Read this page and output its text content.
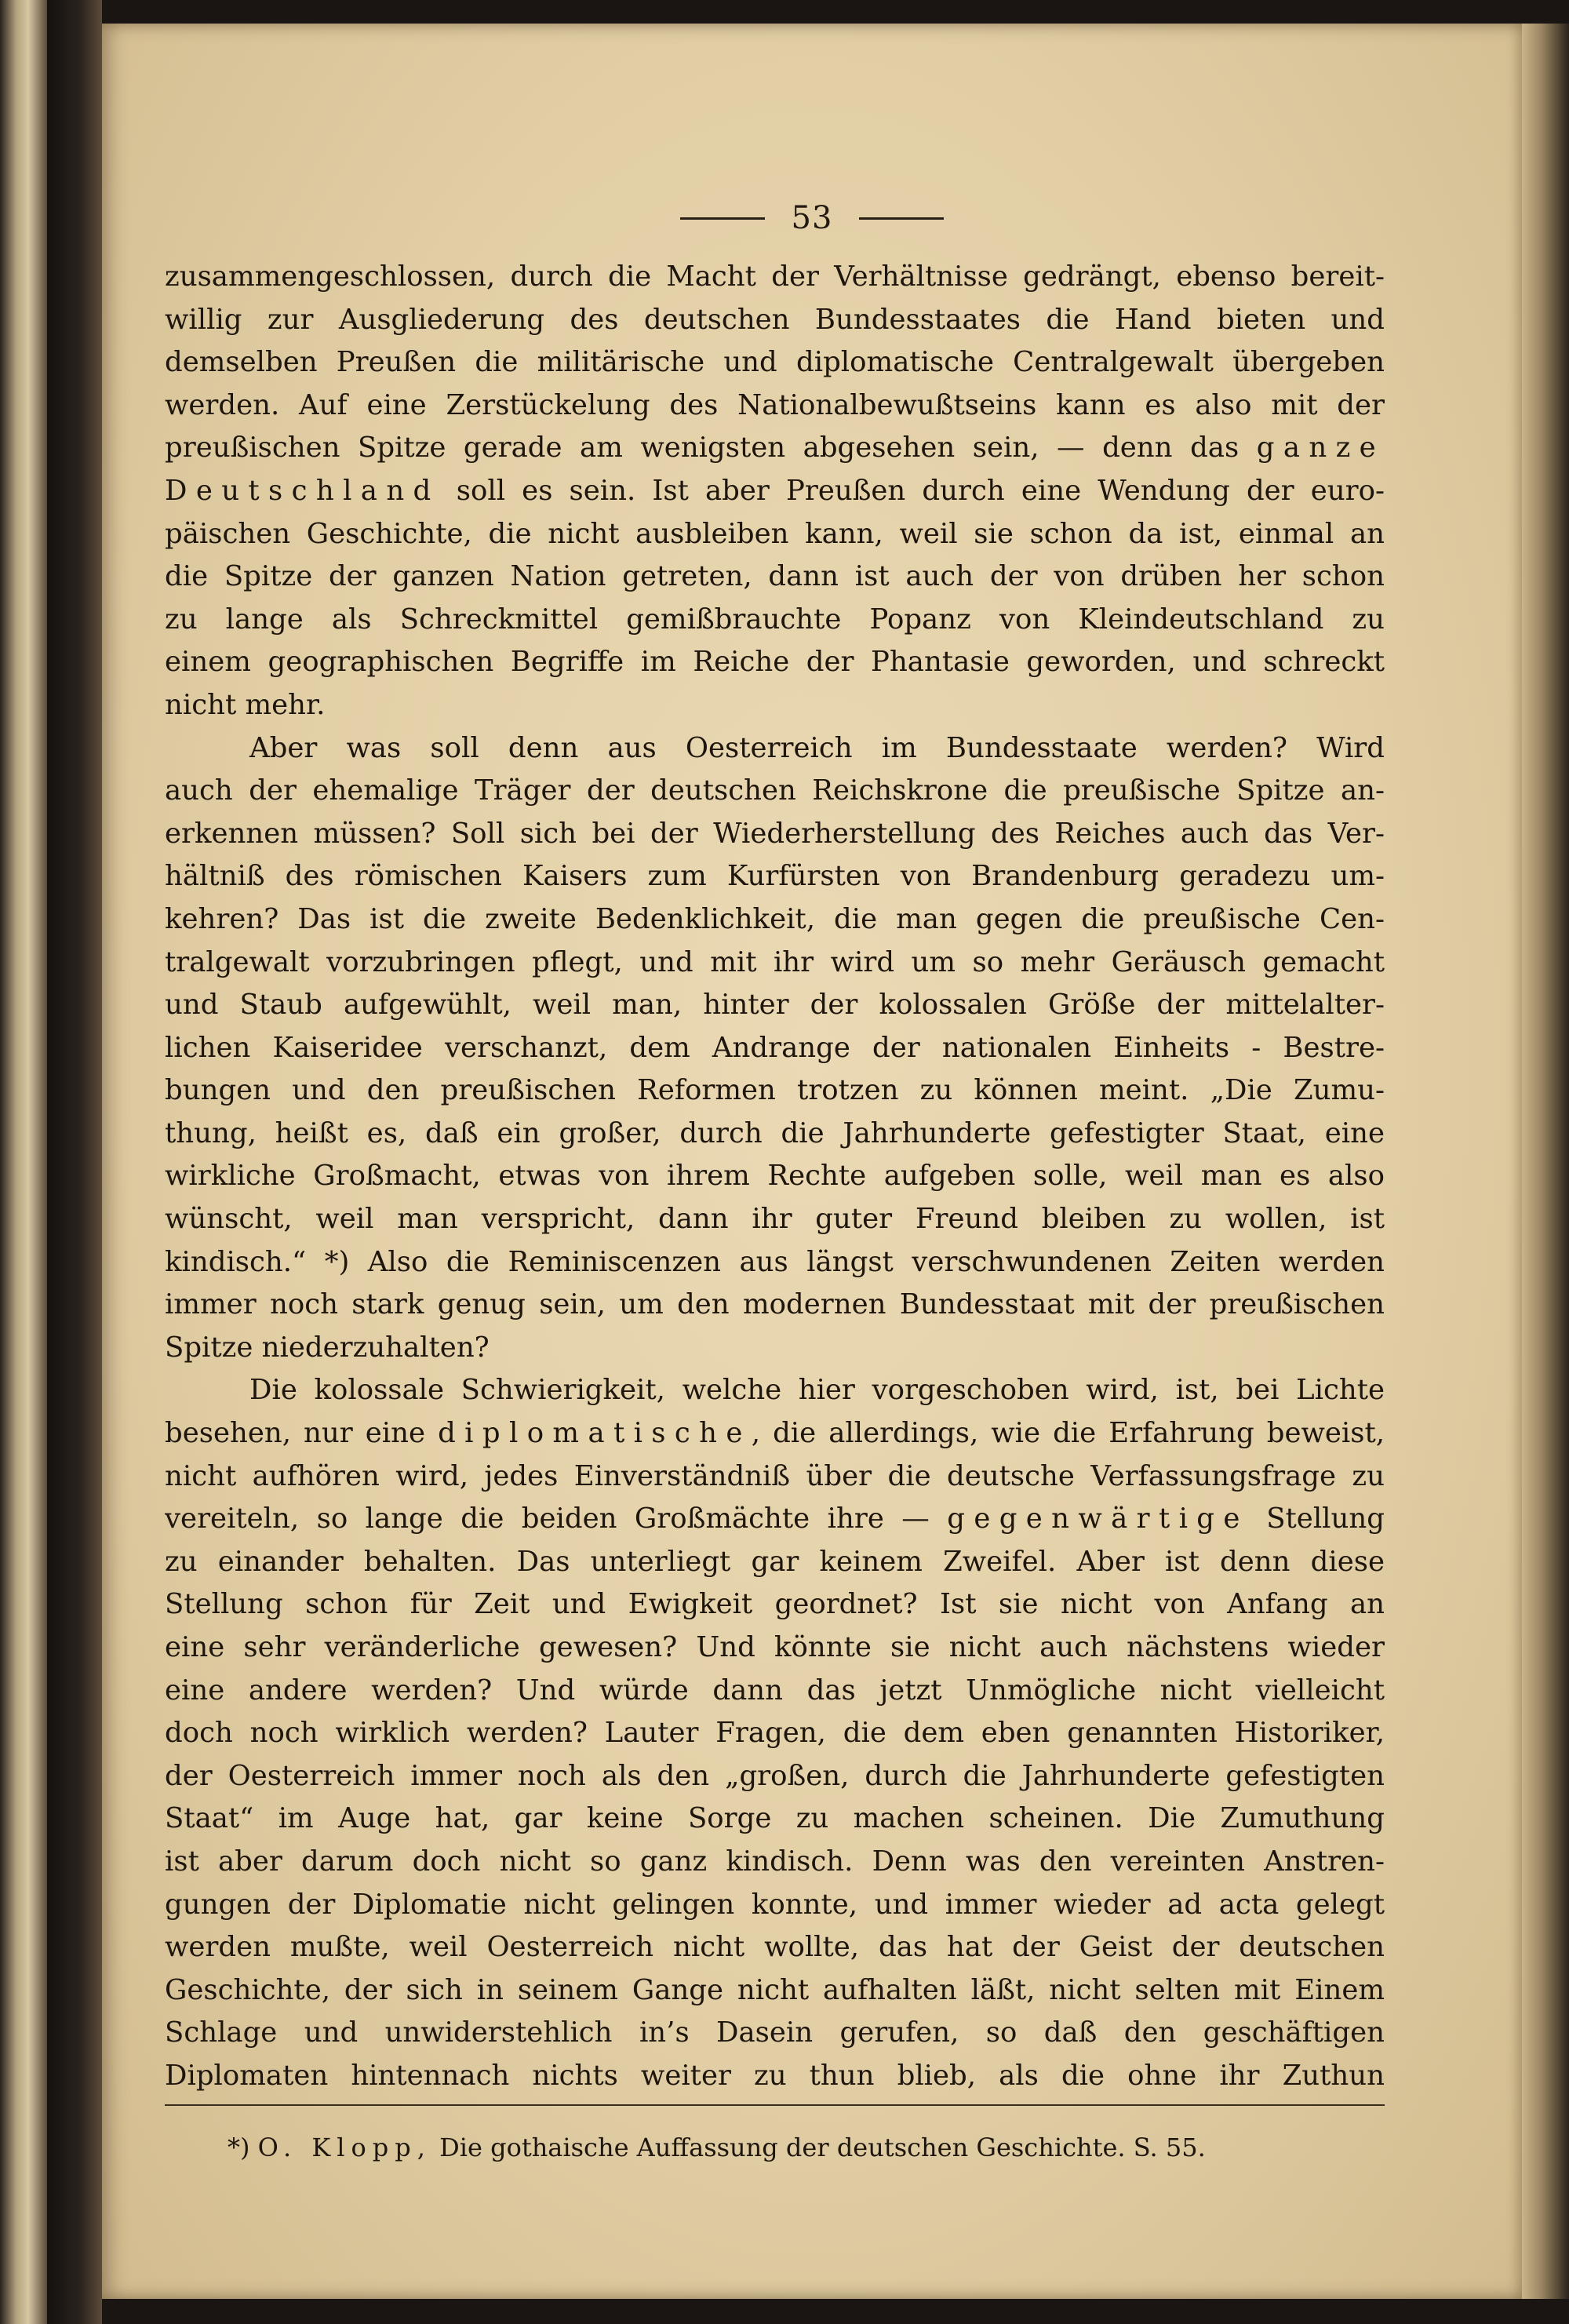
53
zusammengeschlossen, durch die Macht der Verhältnisse gedrängt, ebenso bereit-
willig zur Ausgliederung des deutschen Bundesstaates die Hand bieten und
demselben Preußen die militärische und diplomatische Centralgewalt übergeben
werden. Auf eine Zerstückelung des Nationalbewußtseins kann es also mit der
preußischen Spitze gerade am wenigsten abgesehen sein, — denn das ganze
Deutschland soll es sein. Ist aber Preußen durch eine Wendung der euro-
päischen Geschichte, die nicht ausbleiben kann, weil sie schon da ist, einmal an
die Spitze der ganzen Nation getreten, dann ist auch der von drüben her schon
zu lange als Schreckmittel gemißbrauchte Popanz von Kleindeutschland zu
einem geographischen Begriffe im Reiche der Phantasie geworden, und schreckt
nicht mehr.
Aber was soll denn aus Oesterreich im Bundesstaate werden? Wird
auch der ehemalige Träger der deutschen Reichskrone die preußische Spitze an-
erkennen müssen? Soll sich bei der Wiederherstellung des Reiches auch das Ver-
hältniß des römischen Kaisers zum Kurfürsten von Brandenburg geradezu um-
kehren? Das ist die zweite Bedenklichkeit, die man gegen die preußische Cen-
tralgewalt vorzubringen pflegt, und mit ihr wird um so mehr Geräusch gemacht
und Staub aufgewühlt, weil man, hinter der kolossalen Größe der mittelalter-
lichen Kaiseridee verschanzt, dem Andrange der nationalen Einheits - Bestre-
bungen und den preußischen Reformen trotzen zu können meint. „Die Zumu-
thung, heißt es, daß ein großer, durch die Jahrhunderte gefestigter Staat, eine
wirkliche Großmacht, etwas von ihrem Rechte aufgeben solle, weil man es also
wünscht, weil man verspricht, dann ihr guter Freund bleiben zu wollen, ist
kindisch.“ *) Also die Reminiscenzen aus längst verschwundenen Zeiten werden
immer noch stark genug sein, um den modernen Bundesstaat mit der preußischen
Spitze niederzuhalten?
Die kolossale Schwierigkeit, welche hier vorgeschoben wird, ist, bei Lichte
besehen, nur eine diplomatische, die allerdings, wie die Erfahrung beweist,
nicht aufhören wird, jedes Einverständniß über die deutsche Verfassungsfrage zu
vereiteln, so lange die beiden Großmächte ihre — gegenwärtige Stellung
zu einander behalten. Das unterliegt gar keinem Zweifel. Aber ist denn diese
Stellung schon für Zeit und Ewigkeit geordnet? Ist sie nicht von Anfang an
eine sehr veränderliche gewesen? Und könnte sie nicht auch nächstens wieder
eine andere werden? Und würde dann das jetzt Unmögliche nicht vielleicht
doch noch wirklich werden? Lauter Fragen, die dem eben genannten Historiker,
der Oesterreich immer noch als den „großen, durch die Jahrhunderte gefestigten
Staat“ im Auge hat, gar keine Sorge zu machen scheinen. Die Zumuthung
ist aber darum doch nicht so ganz kindisch. Denn was den vereinten Anstren-
gungen der Diplomatie nicht gelingen konnte, und immer wieder ad acta gelegt
werden mußte, weil Oesterreich nicht wollte, das hat der Geist der deutschen
Geschichte, der sich in seinem Gange nicht aufhalten läßt, nicht selten mit Einem
Schlage und unwiderstehlich in’s Dasein gerufen, so daß den geschäftigen
Diplomaten hintennach nichts weiter zu thun blieb, als die ohne ihr Zuthun
*) O. Klopp, Die gothaische Auffassung der deutschen Geschichte. S. 55.
